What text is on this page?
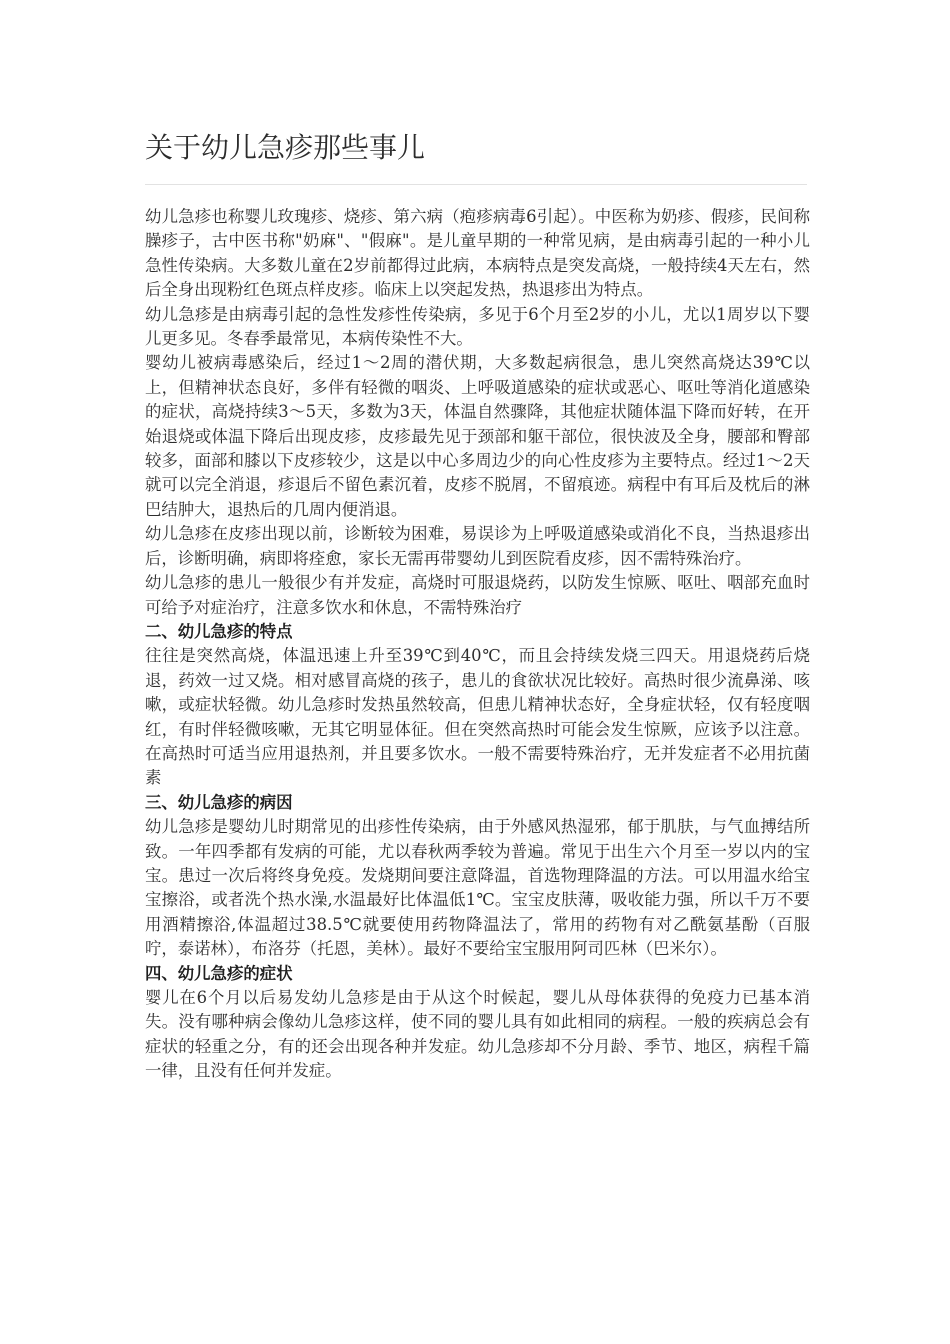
关于幼儿急疹那些事儿

幼儿急疹也称婴儿玫瑰疹、烧疹、第六病（疱疹病毒6引起）。中医称为奶疹、假疹，民间称臊疹子，古中医书称"奶麻"、"假麻"。是儿童早期的一种常见病，是由病毒引起的一种小儿急性传染病。大多数儿童在2岁前都得过此病，本病特点是突发高烧，一般持续4天左右，然后全身出现粉红色斑点样皮疹。临床上以突起发热，热退疹出为特点。

幼儿急疹是由病毒引起的急性发疹性传染病，多见于6个月至2岁的小儿，尤以1周岁以下婴儿更多见。冬春季最常见，本病传染性不大。

婴幼儿被病毒感染后，经过1～2周的潜伏期，大多数起病很急，患儿突然高烧达39℃以上，但精神状态良好，多伴有轻微的咽炎、上呼吸道感染的症状或恶心、呕吐等消化道感染的症状，高烧持续3～5天，多数为3天，体温自然骤降，其他症状随体温下降而好转，在开始退烧或体温下降后出现皮疹，皮疹最先见于颈部和躯干部位，很快波及全身，腰部和臀部较多，面部和膝以下皮疹较少，这是以中心多周边少的向心性皮疹为主要特点。经过1～2天就可以完全消退，疹退后不留色素沉着，皮疹不脱屑，不留痕迹。病程中有耳后及枕后的淋巴结肿大，退热后的几周内便消退。

幼儿急疹在皮疹出现以前，诊断较为困难，易误诊为上呼吸道感染或消化不良，当热退疹出后，诊断明确，病即将痊愈，家长无需再带婴幼儿到医院看皮疹，因不需特殊治疗。

幼儿急疹的患儿一般很少有并发症，高烧时可服退烧药，以防发生惊厥、呕吐、咽部充血时可给予对症治疗，注意多饮水和休息，不需特殊治疗

二、幼儿急疹的特点

往往是突然高烧，体温迅速上升至39℃到40℃，而且会持续发烧三四天。用退烧药后烧退，药效一过又烧。相对感冒高烧的孩子，患儿的食欲状况比较好。高热时很少流鼻涕、咳嗽，或症状轻微。幼儿急疹时发热虽然较高，但患儿精神状态好，全身症状轻，仅有轻度咽红，有时伴轻微咳嗽，无其它明显体征。但在突然高热时可能会发生惊厥，应该予以注意。在高热时可适当应用退热剂，并且要多饮水。一般不需要特殊治疗，无并发症者不必用抗菌素

三、幼儿急疹的病因

幼儿急疹是婴幼儿时期常见的出疹性传染病，由于外感风热湿邪，郁于肌肤，与气血搏结所致。一年四季都有发病的可能，尤以春秋两季较为普遍。常见于出生六个月至一岁以内的宝宝。患过一次后将终身免疫。发烧期间要注意降温，首选物理降温的方法。可以用温水给宝宝擦浴，或者洗个热水澡,水温最好比体温低1℃。宝宝皮肤薄，吸收能力强，所以千万不要用酒精擦浴,体温超过38.5℃就要使用药物降温法了，常用的药物有对乙酰氨基酚（百服咛，泰诺林），布洛芬（托恩，美林）。最好不要给宝宝服用阿司匹林（巴米尔）。

四、幼儿急疹的症状

婴儿在6个月以后易发幼儿急疹是由于从这个时候起，婴儿从母体获得的免疫力已基本消失。没有哪种病会像幼儿急疹这样，使不同的婴儿具有如此相同的病程。一般的疾病总会有症状的轻重之分，有的还会出现各种并发症。幼儿急疹却不分月龄、季节、地区，病程千篇一律，且没有任何并发症。
